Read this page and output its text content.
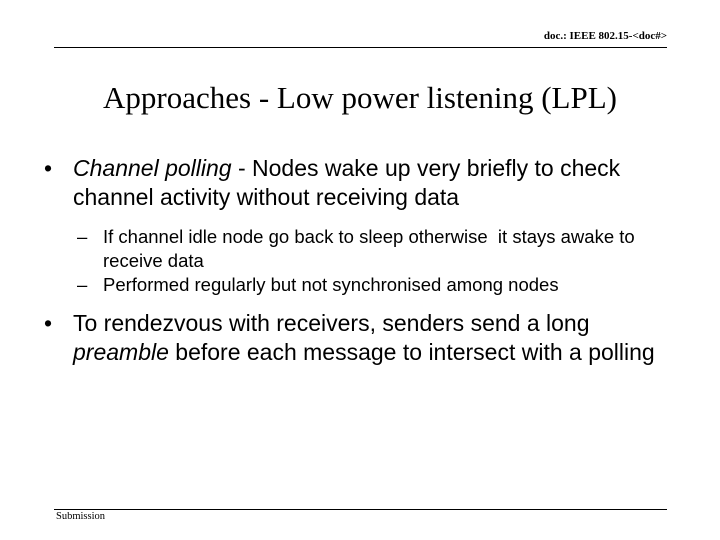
doc.: IEEE 802.15-<doc#>
Approaches - Low power listening (LPL)
• Channel polling - Nodes wake up very briefly to check channel activity without receiving data
– If channel idle node go back to sleep otherwise  it stays awake to receive data
– Performed regularly but not synchronised among nodes
• To rendezvous with receivers, senders send a long preamble before each message to intersect with a polling
Submission
